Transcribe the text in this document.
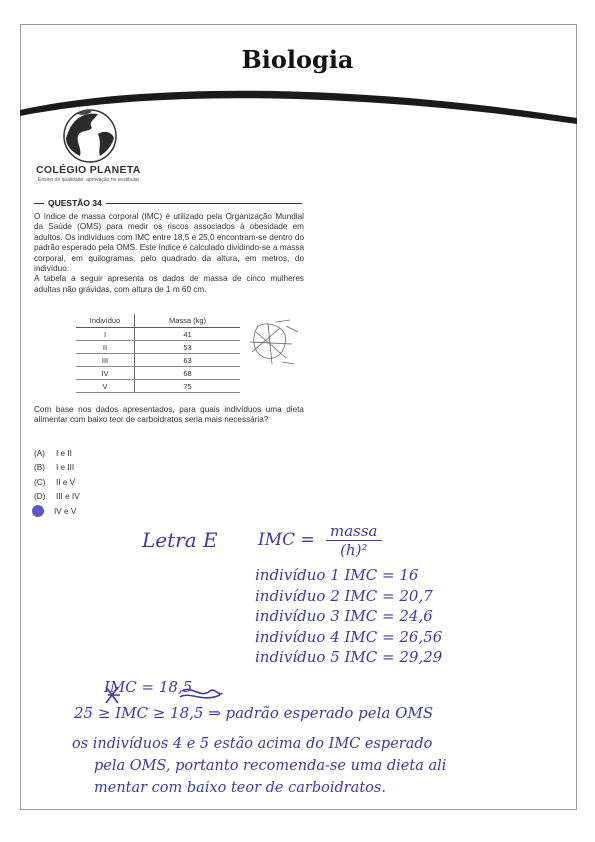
Biologia
COLÉGIO PLANETA
Ensino de qualidade, aprovação no vestibular
QUESTÃO 34

O índice de massa corporal (IMC) é utilizado pela Organização Mundial da Saúde (OMS) para medir os riscos associados à obesidade em adultos. Os indivíduos com IMC entre 18,5 e 25,0 encontram-se dentro do padrão esperado pela OMS. Este índice é calculado dividindo-se a massa corporal, em quilogramas, pelo quadrado da altura, em metros, do indivíduo.

A tabela a seguir apresenta os dados de massa de cinco mulheres adultas não grávidas, com altura de 1 m 60 cm.

Indivíduo	Massa (kg)
I	41
II	53
III	63
IV	68
V	75

Com base nos dados apresentados, para quais indivíduos uma dieta alimentar com baixo teor de carboidratos seria mais necessária?

(A)	I e II
(B)	I e III
(C)	II e V
(D)	III e IV
IV e V
Letra E IMC = massa
(h)²
indivíduo 1 IMC = 16
indivíduo 2 IMC = 20,7
indivíduo 3 IMC = 24,6
indivíduo 4 IMC = 26,56
indivíduo 5 IMC = 29,29
IMC = 18,5
25 ≥ IMC ≥ 18,5 ⇒ padrão esperado pela OMS
os indivíduos 4 e 5 estão acima do IMC esperado
pela OMS, portanto recomenda-se uma dieta ali
mentar com baixo teor de carboidratos.
